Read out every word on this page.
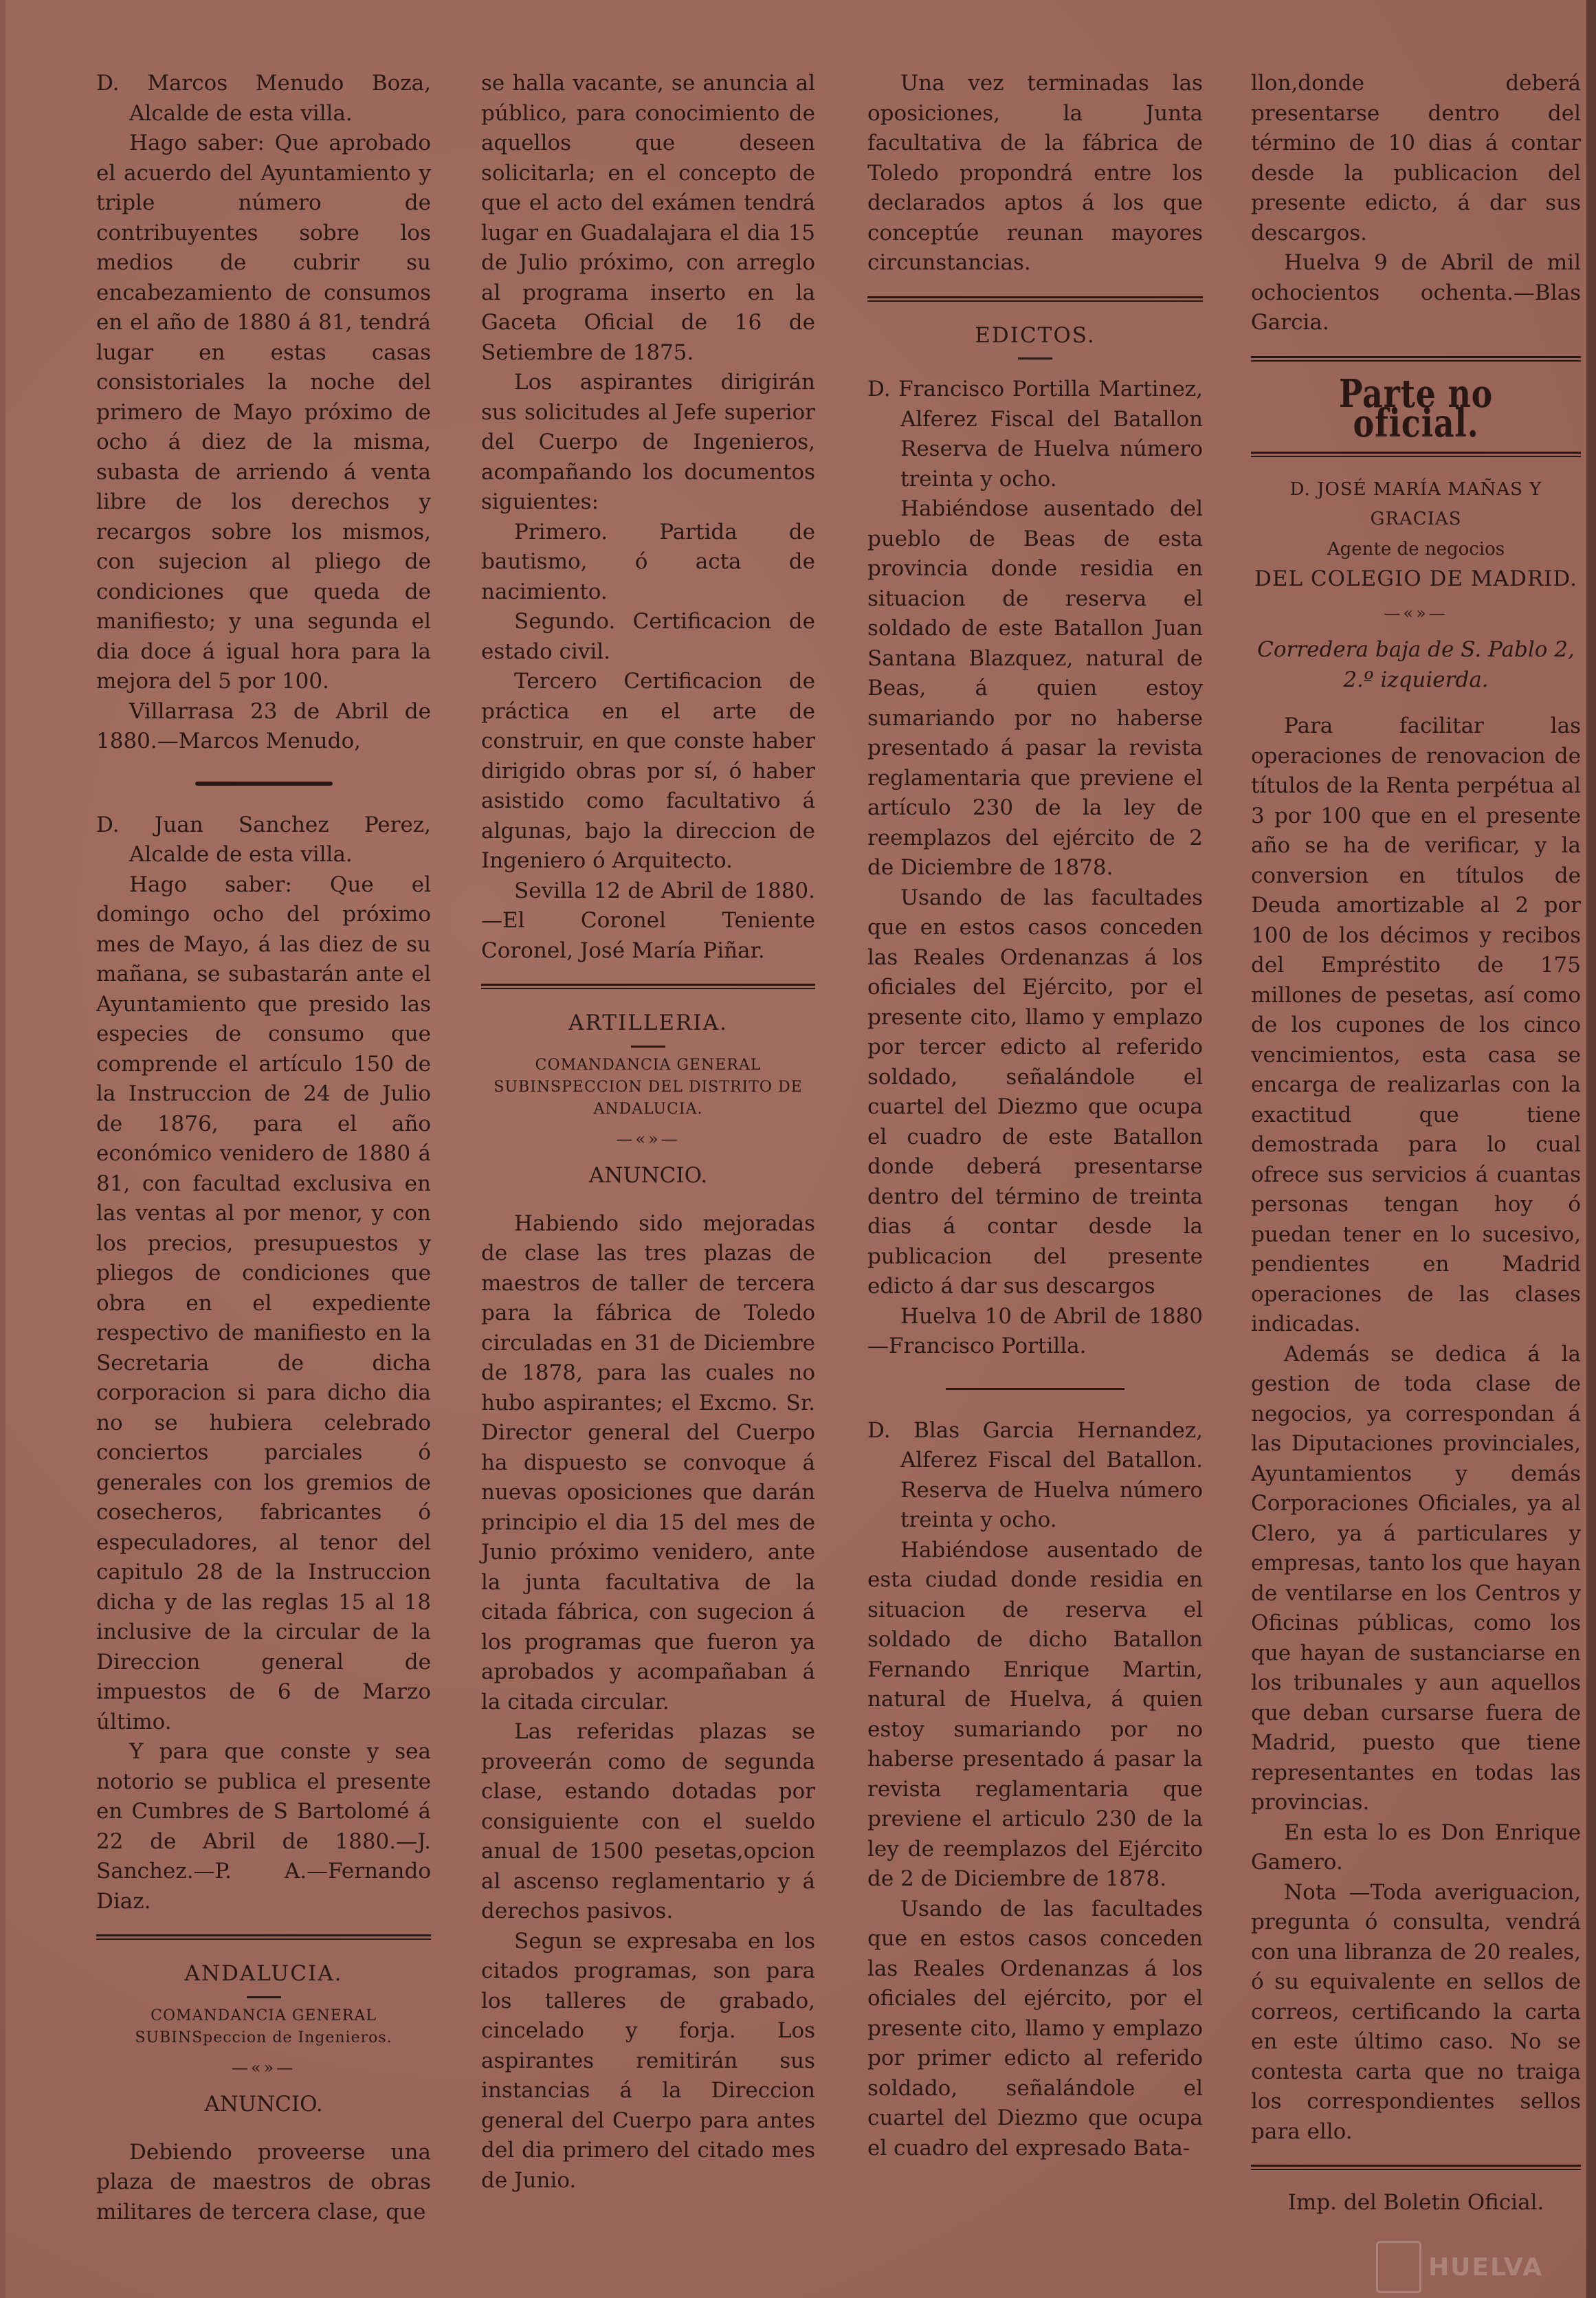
D. Marcos Menudo Boza, Alcalde de esta villa.

Hago saber: Que aprobado el acuerdo del Ayuntamiento y triple número de contribuyentes sobre los medios de cubrir su encabezamiento de consumos en el año de 1880 á 81, tendrá lugar en estas casas consistoriales la noche del primero de Mayo próximo de ocho á diez de la misma, subasta de arriendo á venta libre de los derechos y recargos sobre los mismos, con sujecion al pliego de condiciones que queda de manifiesto; y una segunda el dia doce á igual hora para la mejora del 5 por 100.

Villarrasa 23 de Abril de 1880.—Marcos Menudo,

D. Juan Sanchez Perez, Alcalde de esta villa.

Hago saber: Que el domingo ocho del próximo mes de Mayo, á las diez de su mañana, se subastarán ante el Ayuntamiento que presido las especies de consumo que comprende el artículo 150 de la Instruccion de 24 de Julio de 1876, para el año económico venidero de 1880 á 81, con facultad exclusiva en las ventas al por menor, y con los precios, presupuestos y pliegos de condiciones que obra en el expediente respectivo de manifiesto en la Secretaria de dicha corporacion si para dicho dia no se hubiera celebrado conciertos parciales ó generales con los gremios de cosecheros, fabricantes ó especuladores, al tenor del capitulo 28 de la Instruccion dicha y de las reglas 15 al 18 inclusive de la circular de la Direccion general de impuestos de 6 de Marzo último.

Y para que conste y sea notorio se publica el presente en Cumbres de S Bartolomé á 22 de Abril de 1880.—J. Sanchez.—P. A.—Fernando Diaz.

ANDALUCIA.
COMANDANCIA GENERAL SUBINSpeccion de Ingenieros.
—«»—
ANUNCIO.

Debiendo proveerse una plaza de maestros de obras militares de tercera clase, que

se halla vacante, se anuncia al público, para conocimiento de aquellos que deseen solicitarla; en el concepto de que el acto del exámen tendrá lugar en Guadalajara el dia 15 de Julio próximo, con arreglo al programa inserto en la Gaceta Oficial de 16 de Setiembre de 1875.

Los aspirantes dirigirán sus solicitudes al Jefe superior del Cuerpo de Ingenieros, acompañando los documentos siguientes:

Primero. Partida de bautismo, ó acta de nacimiento.

Segundo. Certificacion de estado civil.

Tercero Certificacion de práctica en el arte de construir, en que conste haber dirigido obras por sí, ó haber asistido como facultativo á algunas, bajo la direccion de Ingeniero ó Arquitecto.

Sevilla 12 de Abril de 1880.—El Coronel Teniente Coronel, José María Piñar.

ARTILLERIA.
COMANDANCIA GENERAL SUBINSPECCION DEL DISTRITO DE ANDALUCIA.
—«»—
ANUNCIO.

Habiendo sido mejoradas de clase las tres plazas de maestros de taller de tercera para la fábrica de Toledo circuladas en 31 de Diciembre de 1878, para las cuales no hubo aspirantes; el Excmo. Sr. Director general del Cuerpo ha dispuesto se convoque á nuevas oposiciones que darán principio el dia 15 del mes de Junio próximo venidero, ante la junta facultativa de la citada fábrica, con sugecion á los programas que fueron ya aprobados y acompañaban á la citada circular.

Las referidas plazas se proveerán como de segunda clase, estando dotadas por consiguiente con el sueldo anual de 1500 pesetas,opcion al ascenso reglamentario y á derechos pasivos.

Segun se expresaba en los citados programas, son para los talleres de grabado, cincelado y forja. Los aspirantes remitirán sus instancias á la Direccion general del Cuerpo para antes del dia primero del citado mes de Junio.

Una vez terminadas las oposiciones, la Junta facultativa de la fábrica de Toledo propondrá entre los declarados aptos á los que conceptúe reunan mayores circunstancias.

EDICTOS.

D. Francisco Portilla Martinez, Alferez Fiscal del Batallon Reserva de Huelva número treinta y ocho.

Habiéndose ausentado del pueblo de Beas de esta provincia donde residia en situacion de reserva el soldado de este Batallon Juan Santana Blazquez, natural de Beas, á quien estoy sumariando por no haberse presentado á pasar la revista reglamentaria que previene el artículo 230 de la ley de reemplazos del ejército de 2 de Diciembre de 1878.

Usando de las facultades que en estos casos conceden las Reales Ordenanzas á los oficiales del Ejército, por el presente cito, llamo y emplazo por tercer edicto al referido soldado, señalándole el cuartel del Diezmo que ocupa el cuadro de este Batallon donde deberá presentarse dentro del término de treinta dias á contar desde la publicacion del presente edicto á dar sus descargos

Huelva 10 de Abril de 1880 —Francisco Portilla.

D. Blas Garcia Hernandez, Alferez Fiscal del Batallon. Reserva de Huelva número treinta y ocho.

Habiéndose ausentado de esta ciudad donde residia en situacion de reserva el soldado de dicho Batallon Fernando Enrique Martin, natural de Huelva, á quien estoy sumariando por no haberse presentado á pasar la revista reglamentaria que previene el articulo 230 de la ley de reemplazos del Ejército de 2 de Diciembre de 1878.

Usando de las facultades que en estos casos conceden las Reales Ordenanzas á los oficiales del ejército, por el presente cito, llamo y emplazo por primer edicto al referido soldado, señalándole el cuartel del Diezmo que ocupa el cuadro del expresado Bata-

llon,donde deberá presentarse dentro del término de 10 dias á contar desde la publicacion del presente edicto, á dar sus descargos.

Huelva 9 de Abril de mil ochocientos ochenta.—Blas Garcia.

Parte no oficial.
D. JOSÉ MARÍA MAÑAS Y GRACIAS
Agente de negocios
DEL COLEGIO DE MADRID.
—«»—
Corredera baja de S. Pablo 2, 2.º izquierda.

Para facilitar las operaciones de renovacion de títulos de la Renta perpétua al 3 por 100 que en el presente año se ha de verificar, y la conversion en títulos de Deuda amortizable al 2 por 100 de los décimos y recibos del Empréstito de 175 millones de pesetas, así como de los cupones de los cinco vencimientos, esta casa se encarga de realizarlas con la exactitud que tiene demostrada para lo cual ofrece sus servicios á cuantas personas tengan hoy ó puedan tener en lo sucesivo, pendientes en Madrid operaciones de las clases indicadas.

Además se dedica á la gestion de toda clase de negocios, ya correspondan á las Diputaciones provinciales, Ayuntamientos y demás Corporaciones Oficiales, ya al Clero, ya á particulares y empresas, tanto los que hayan de ventilarse en los Centros y Oficinas públicas, como los que hayan de sustanciarse en los tribunales y aun aquellos que deban cursarse fuera de Madrid, puesto que tiene representantes en todas las provincias.

En esta lo es Don Enrique Gamero.

Nota —Toda averiguacion, pregunta ó consulta, vendrá con una libranza de 20 reales, ó su equivalente en sellos de correos, certificando la carta en este último caso. No se contesta carta que no traiga los correspondientes sellos para ello.

Imp. del Boletin Oficial.
HUELVA
